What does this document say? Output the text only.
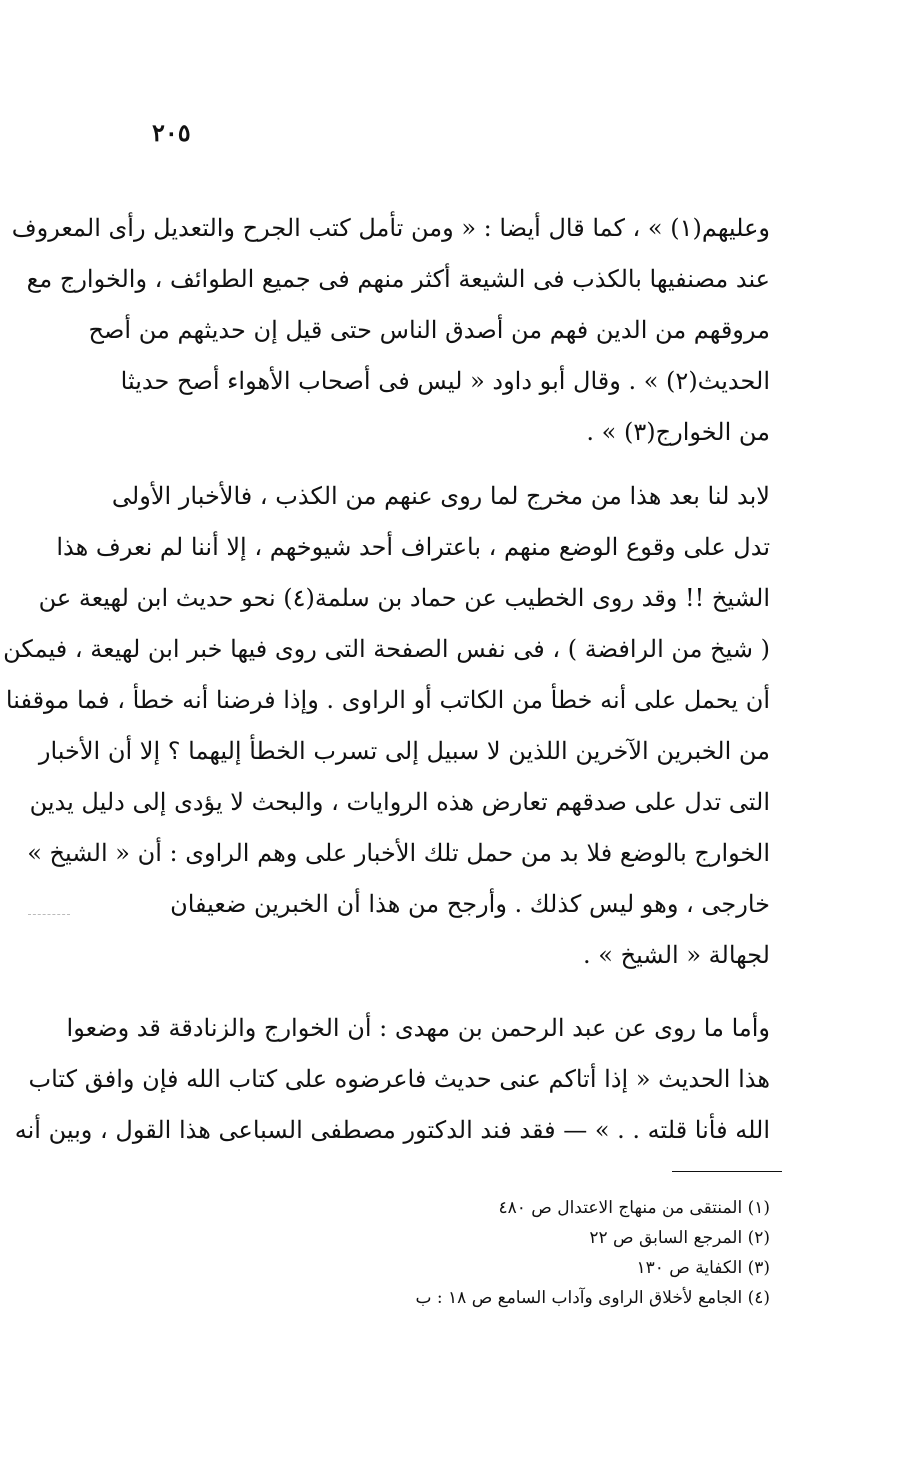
٢٠٥
وعليهم(١) » ، كما قال أيضا : « ومن تأمل كتب الجرح والتعديل رأى المعروف
عند مصنفيها بالكذب فى الشيعة أكثر منهم فى جميع الطوائف ، والخوارج مع
مروقهم من الدين فهم من أصدق الناس حتى قيل إن حديثهم من أصح
الحديث(٢) » . وقال أبو داود « ليس فى أصحاب الأهواء أصح حديثا
من الخوارج(٣) » .
لابد لنا بعد هذا من مخرج لما روى عنهم من الكذب ، فالأخبار الأولى
تدل على وقوع الوضع منهم ، باعتراف أحد شيوخهم ، إلا أننا لم نعرف هذا
الشيخ !! وقد روى الخطيب عن حماد بن سلمة(٤) نحو حديث ابن لهيعة عن
( شيخ من الرافضة ) ، فى نفس الصفحة التى روى فيها خبر ابن لهيعة ، فيمكن
أن يحمل على أنه خطأ من الكاتب أو الراوى . وإذا فرضنا أنه خطأ ، فما موقفنا
من الخبرين الآخرين اللذين لا سبيل إلى تسرب الخطأ إليهما ؟ إلا أن الأخبار
التى تدل على صدقهم تعارض هذه الروايات ، والبحث لا يؤدى إلى دليل يدين
الخوارج بالوضع فلا بد من حمل تلك الأخبار على وهم الراوى : أن « الشيخ »
خارجى ، وهو ليس كذلك . وأرجح من هذا أن الخبرين ضعيفان
لجهالة « الشيخ » .
وأما ما روى عن عبد الرحمن بن مهدى : أن الخوارج والزنادقة قد وضعوا
هذا الحديث « إذا أتاكم عنى حديث فاعرضوه على كتاب الله فإن وافق كتاب
الله فأنا قلته . . » — فقد فند الدكتور مصطفى السباعى هذا القول ، وبين أنه
(١) المنتقى من منهاج الاعتدال ص ٤٨٠
(٢) المرجع السابق ص ٢٢
(٣) الكفاية ص ١٣٠
(٤) الجامع لأخلاق الراوى وآداب السامع ص ١٨ : ب
